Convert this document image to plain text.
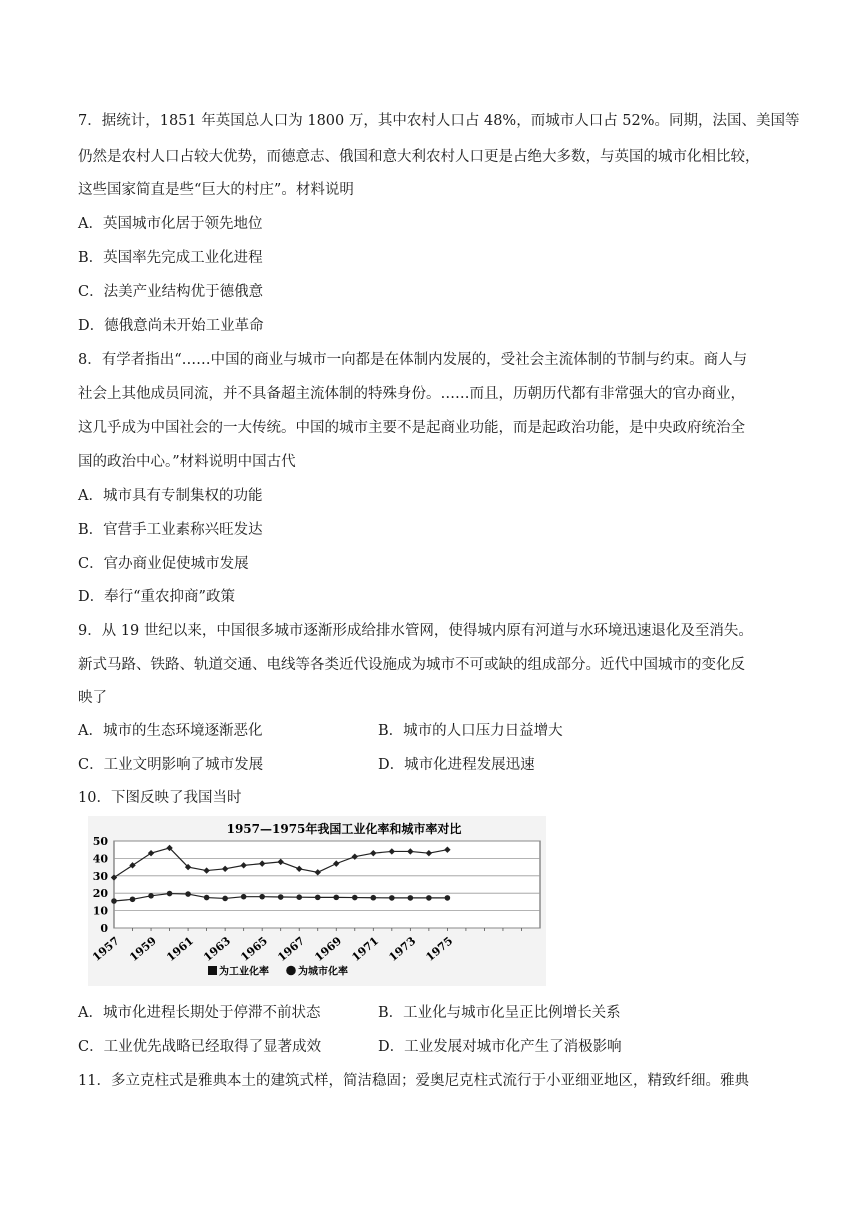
7．据统计，1851 年英国总人口为 1800 万，其中农村人口占 48%，而城市人口占 52%。同期，法国、美国等
仍然是农村人口占较大优势，而德意志、俄国和意大利农村人口更是占绝大多数，与英国的城市化相比较，
这些国家简直是些“巨大的村庄”。材料说明
A．英国城市化居于领先地位
B．英国率先完成工业化进程
C．法美产业结构优于德俄意
D．德俄意尚未开始工业革命
8．有学者指出“……中国的商业与城市一向都是在体制内发展的，受社会主流体制的节制与约束。商人与
社会上其他成员同流，并不具备超主流体制的特殊身份。……而且，历朝历代都有非常强大的官办商业，
这几乎成为中国社会的一大传统。中国的城市主要不是起商业功能，而是起政治功能，是中央政府统治全
国的政治中心。”材料说明中国古代
A．城市具有专制集权的功能
B．官营手工业素称兴旺发达
C．官办商业促使城市发展
D．奉行“重农抑商”政策
9．从 19 世纪以来，中国很多城市逐渐形成给排水管网，使得城内原有河道与水环境迅速退化及至消失。
新式马路、铁路、轨道交通、电线等各类近代设施成为城市不可或缺的组成部分。近代中国城市的变化反
映了
A．城市的生态环境逐渐恶化	B．城市的人口压力日益增大
C．工业文明影响了城市发展	D．城市化进程发展迅速
10．下图反映了我国当时
A．城市化进程长期处于停滞不前状态	B．工业化与城市化呈正比例增长关系
C．工业优先战略已经取得了显著成效	D．工业发展对城市化产生了消极影响
11．多立克柱式是雅典本土的建筑式样，简洁稳固；爱奥尼克柱式流行于小亚细亚地区，精致纤细。雅典
1957—1975年我国工业化率和城市率对比
0
10
20
30
40
50
1957 1959 1961 1963 1965 1967 1969 1971 1973 1975
为工业化率	为城市化率
